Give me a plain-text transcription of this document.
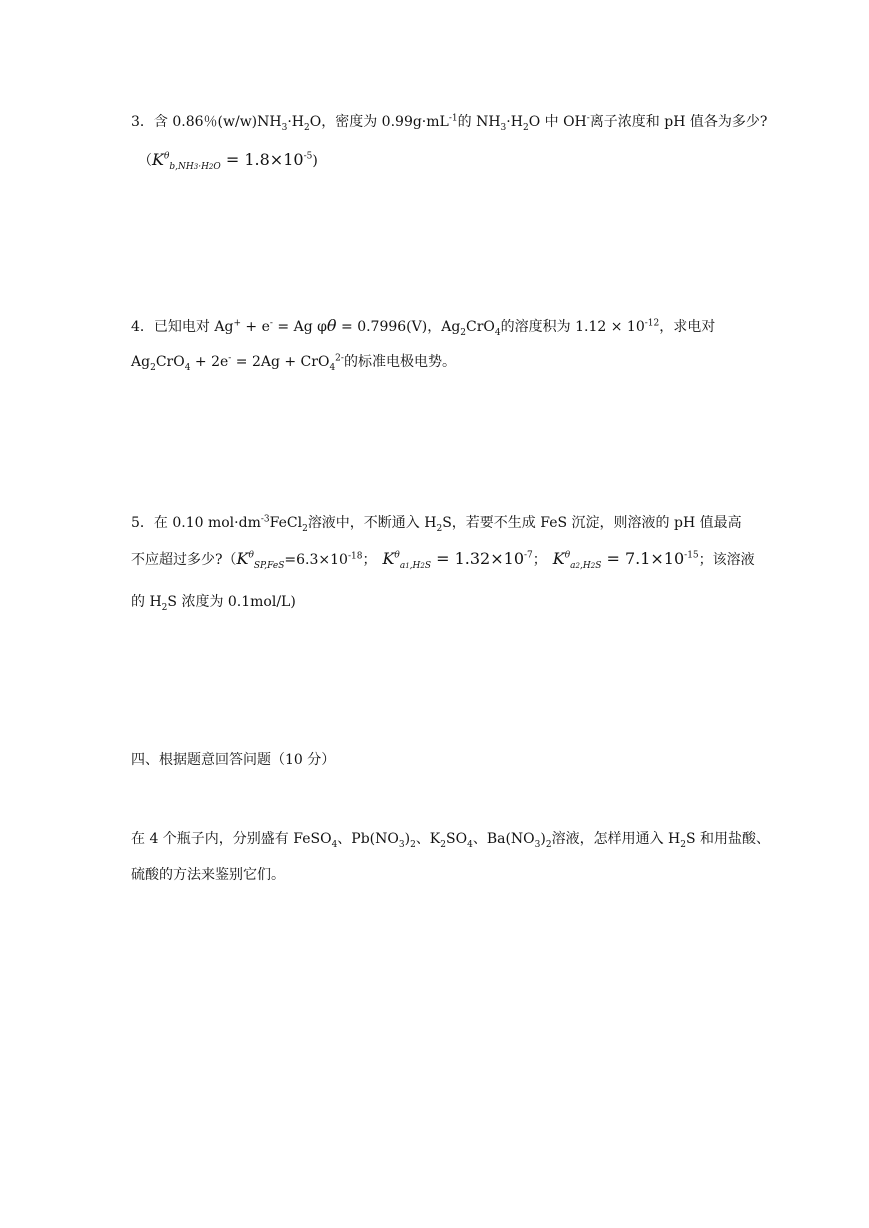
3．含 0.86％$(w/w)NH_3\cdot H_2O$，密度为 $0.99g\cdot mL^{-1}$的 $NH_3\cdot H_2O$ 中 OH-离子浓度和 pH 值各为多少?
$(K^\theta_{b,NH3\cdot H2O} = 1.8\times 10^{-5})$
4．已知电对 Ag+ + e- = Ag φθ = 0.7996(V)，$Ag_2CrO_4$的溶度积为 $1.12 \times 10^{-12}$，求电对
$Ag_2CrO_4 + 2e^- = 2Ag + CrO_4^{2-}$的标准电极电势。
5．在 0.10 $mol\cdot dm^{-3}FeCl_2$溶液中，不断通入 $H_2S$，若要不生成 FeS 沉淀，则溶液的 pH 值最高
不应超过多少$?(K^\theta_{SP,FeS}=6.3\times 10^{-18}$； $K^\theta_{a1,H2S} = 1.32\times 10^{-7}$； $K^\theta_{a2,H2S} = 7.1\times 10^{-15}$；该溶液
的 $H_2S$ 浓度为 0.1mol/L)
四、根据题意回答问题（10 分）
在 4 个瓶子内，分别盛有 FeSO$_4$、$Pb(NO_3)_2$、$K_2SO_4$、$Ba(NO_3)_2$溶液，怎样用通入 $H_2S$ 和用盐酸、
硫酸的方法来鉴别它们。
